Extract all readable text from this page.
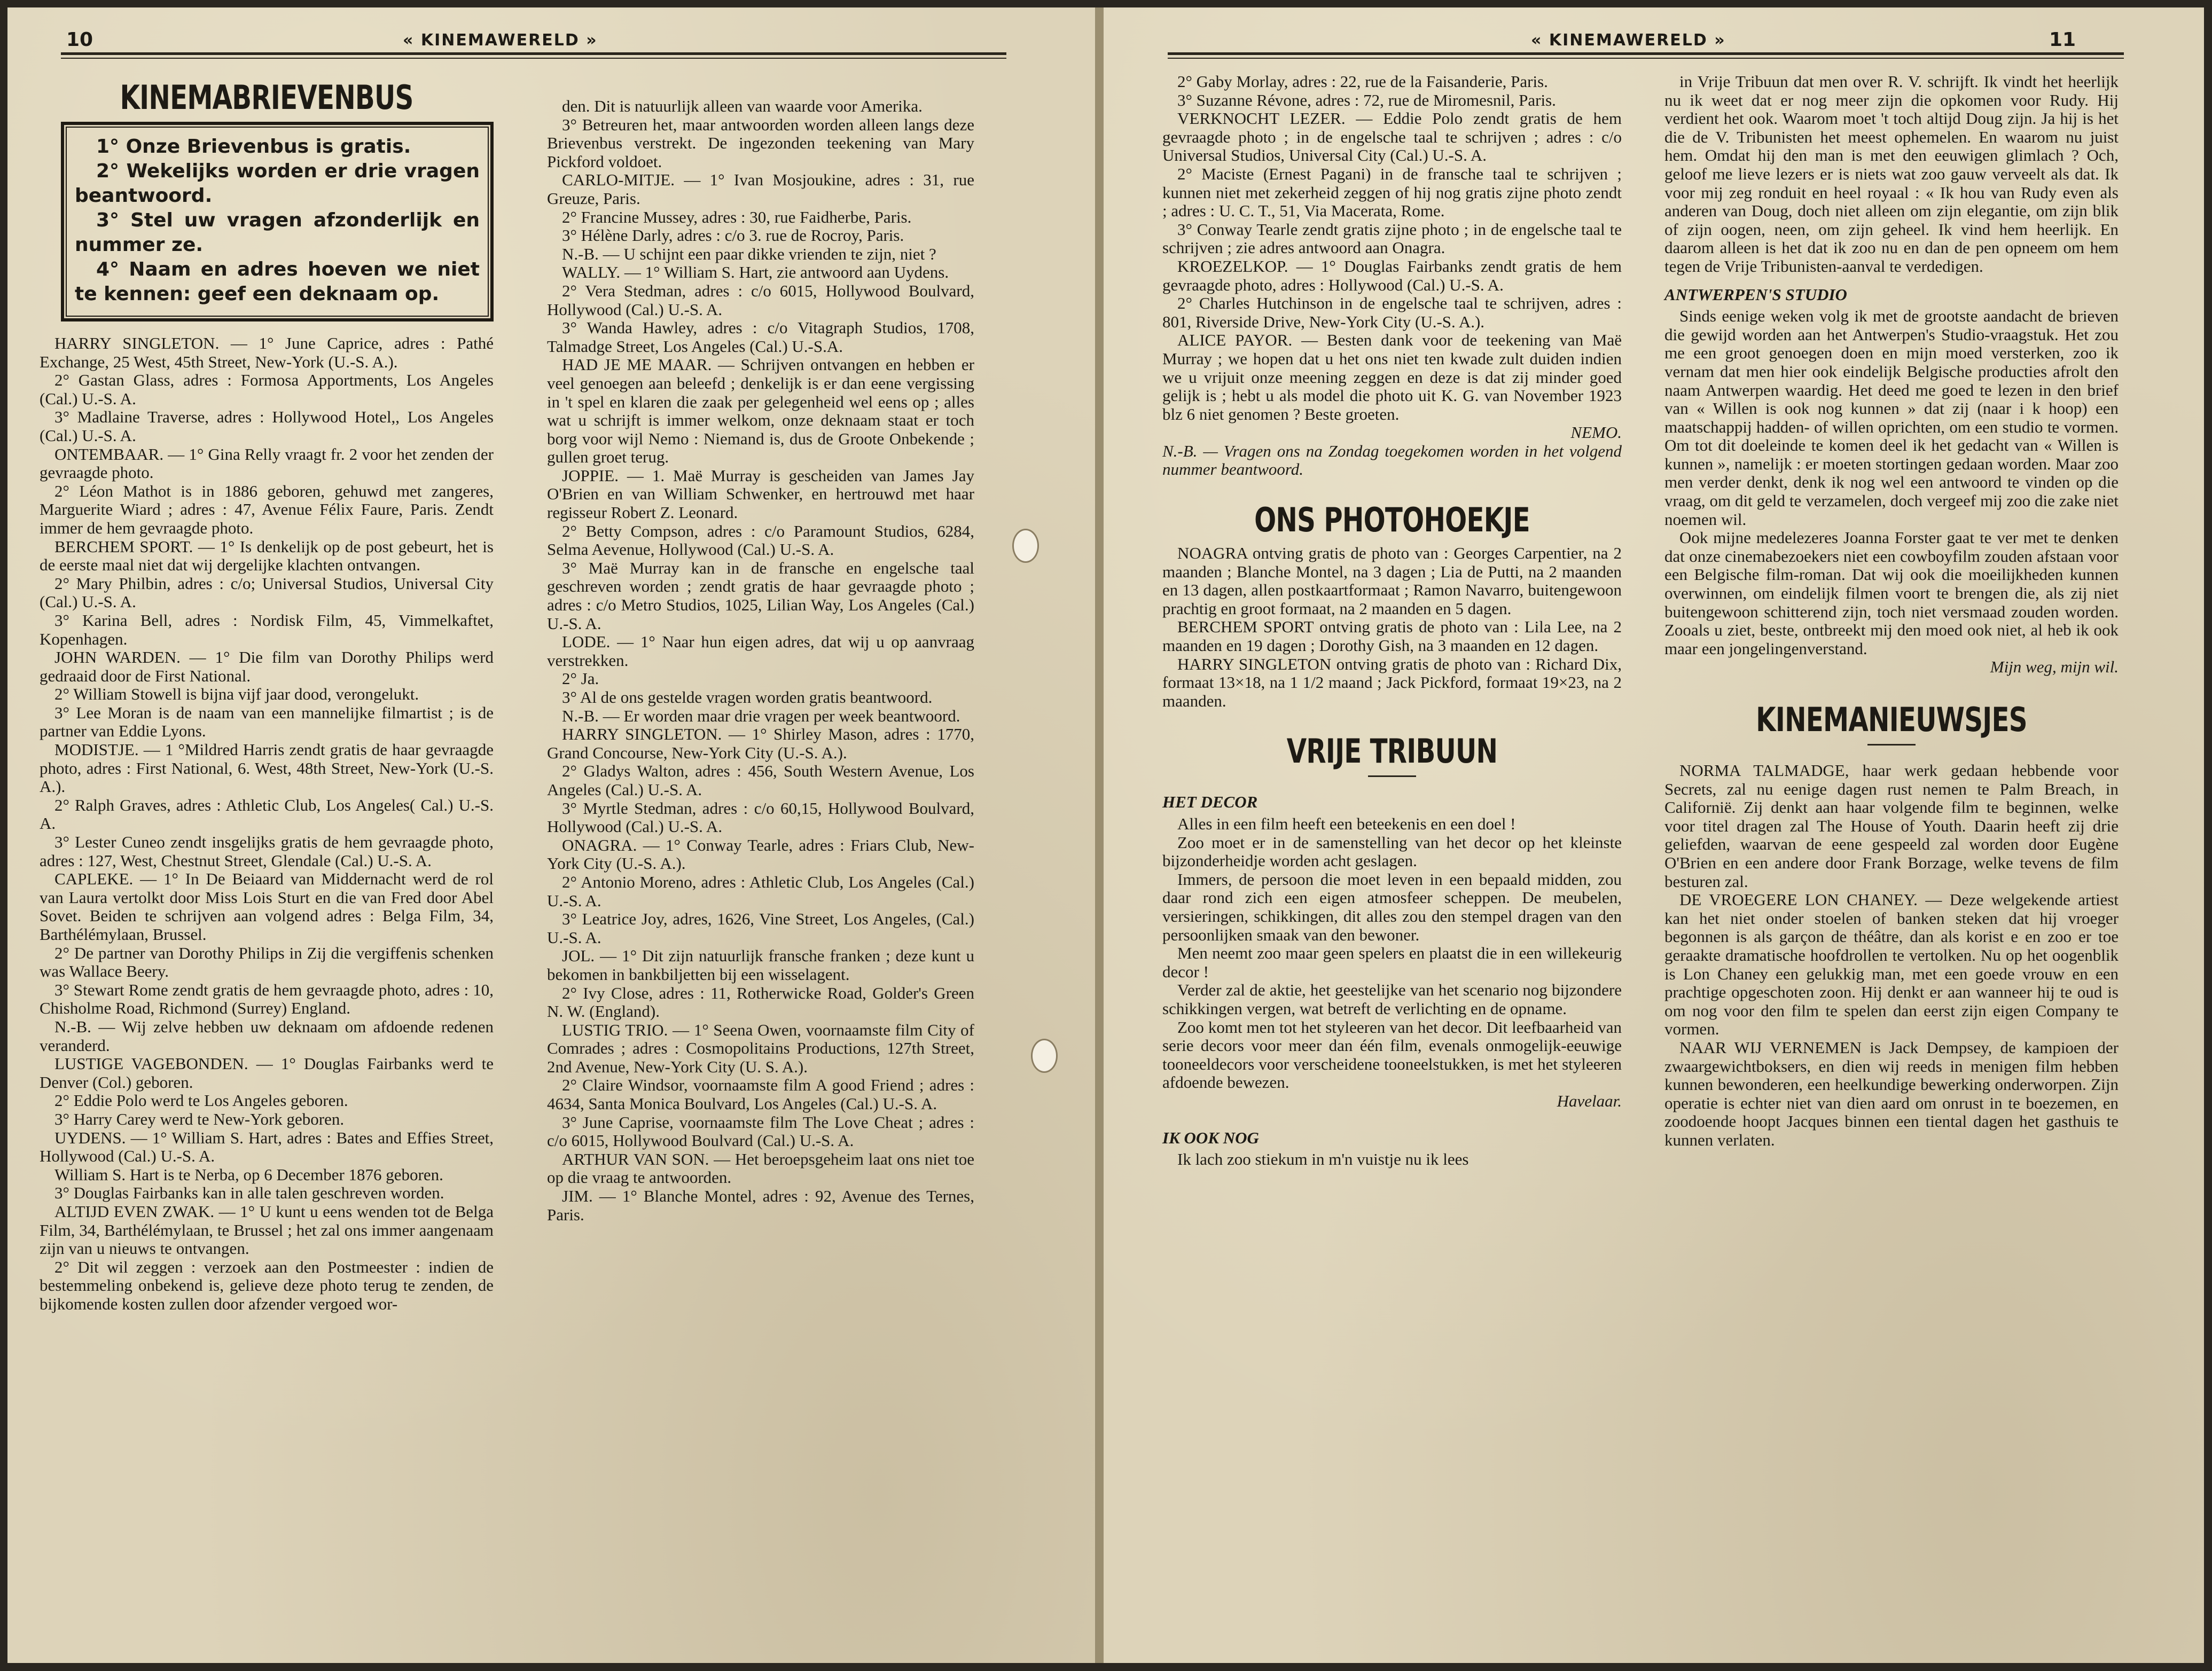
10	« KINEMAWERELD »
KINEMABRIEVENBUS

1° Onze Brievenbus is gratis.

2° Wekelijks worden er drie vragen beantwoord.

3° Stel uw vragen afzonderlijk en nummer ze.

4° Naam en adres hoeven we niet te kennen: geef een deknaam op.

HARRY SINGLETON. — 1° June Caprice, adres : Pathé Exchange, 25 West, 45th Street, New-York (U.-S. A.).

2° Gastan Glass, adres : Formosa Apportments, Los Angeles (Cal.) U.-S. A.

3° Madlaine Traverse, adres : Hollywood Hotel,, Los Angeles (Cal.) U.-S. A.

ONTEMBAAR. — 1° Gina Relly vraagt fr. 2 voor het zenden der gevraagde photo.

2° Léon Mathot is in 1886 geboren, gehuwd met zangeres, Marguerite Wiard ; adres : 47, Avenue Félix Faure, Paris. Zendt immer de hem gevraagde photo.

BERCHEM SPORT. — 1° Is denkelijk op de post gebeurt, het is de eerste maal niet dat wij dergelijke klachten ontvangen.

2° Mary Philbin, adres : c/o; Universal Studios, Universal City (Cal.) U.-S. A.

3° Karina Bell, adres : Nordisk Film, 45, Vimmelkaftet, Kopenhagen.

JOHN WARDEN. — 1° Die film van Dorothy Philips werd gedraaid door de First National.

2° William Stowell is bijna vijf jaar dood, verongelukt.

3° Lee Moran is de naam van een mannelijke filmartist ; is de partner van Eddie Lyons.

MODISTJE. — 1 °Mildred Harris zendt gratis de haar gevraagde photo, adres : First National, 6. West, 48th Street, New-York (U.-S. A.).

2° Ralph Graves, adres : Athletic Club, Los Angeles( Cal.) U.-S. A.

3° Lester Cuneo zendt insgelijks gratis de hem gevraagde photo, adres : 127, West, Chestnut Street, Glendale (Cal.) U.-S. A.

CAPLEKE. — 1° In De Beiaard van Middernacht werd de rol van Laura vertolkt door Miss Lois Sturt en die van Fred door Abel Sovet. Beiden te schrijven aan volgend adres : Belga Film, 34, Barthélémylaan, Brussel.

2° De partner van Dorothy Philips in Zij die vergiffenis schenken was Wallace Beery.

3° Stewart Rome zendt gratis de hem gevraagde photo, adres : 10, Chisholme Road, Richmond (Surrey) England.

N.-B. — Wij zelve hebben uw deknaam om afdoende redenen veranderd.

LUSTIGE VAGEBONDEN. — 1° Douglas Fairbanks werd te Denver (Col.) geboren.

2° Eddie Polo werd te Los Angeles geboren.

3° Harry Carey werd te New-York geboren.

UYDENS. — 1° William S. Hart, adres : Bates and Effies Street, Hollywood (Cal.) U.-S. A.

William S. Hart is te Nerba, op 6 December 1876 geboren.

3° Douglas Fairbanks kan in alle talen geschreven worden.

ALTIJD EVEN ZWAK. — 1° U kunt u eens wenden tot de Belga Film, 34, Barthélémylaan, te Brussel ; het zal ons immer aangenaam zijn van u nieuws te ontvangen.

2° Dit wil zeggen : verzoek aan den Postmeester : indien de bestemmeling onbekend is, gelieve deze photo terug te zenden, de bijkomende kosten zullen door afzender vergoed wor-

den. Dit is natuurlijk alleen van waarde voor Amerika.

3° Betreuren het, maar antwoorden worden alleen langs deze Brievenbus verstrekt. De ingezonden teekening van Mary Pickford voldoet.

CARLO-MITJE. — 1° Ivan Mosjoukine, adres : 31, rue Greuze, Paris.

2° Francine Mussey, adres : 30, rue Faidherbe, Paris.

3° Hélène Darly, adres : c/o 3. rue de Rocroy, Paris.

N.-B. — U schijnt een paar dikke vrienden te zijn, niet ?

WALLY. — 1° William S. Hart, zie antwoord aan Uydens.

2° Vera Stedman, adres : c/o 6015, Hollywood Boulvard, Hollywood (Cal.) U.-S. A.

3° Wanda Hawley, adres : c/o Vitagraph Studios, 1708, Talmadge Street, Los Angeles (Cal.) U.-S.A.

HAD JE ME MAAR. — Schrijven ontvangen en hebben er veel genoegen aan beleefd ; denkelijk is er dan eene vergissing in 't spel en klaren die zaak per gelegenheid wel eens op ; alles wat u schrijft is immer welkom, onze deknaam staat er toch borg voor wijl Nemo : Niemand is, dus de Groote Onbekende ; gullen groet terug.

JOPPIE. — 1. Maë Murray is gescheiden van James Jay O'Brien en van William Schwenker, en hertrouwd met haar regisseur Robert Z. Leonard.

2° Betty Compson, adres : c/o Paramount Studios, 6284, Selma Aevenue, Hollywood (Cal.) U.-S. A.

3° Maë Murray kan in de fransche en engelsche taal geschreven worden ; zendt gratis de haar gevraagde photo ; adres : c/o Metro Studios, 1025, Lilian Way, Los Angeles (Cal.) U.-S. A.

LODE. — 1° Naar hun eigen adres, dat wij u op aanvraag verstrekken.

2° Ja.

3° Al de ons gestelde vragen worden gratis beantwoord.

N.-B. — Er worden maar drie vragen per week beantwoord.

HARRY SINGLETON. — 1° Shirley Mason, adres : 1770, Grand Concourse, New-York City (U.-S. A.).

2° Gladys Walton, adres : 456, South Western Avenue, Los Angeles (Cal.) U.-S. A.

3° Myrtle Stedman, adres : c/o 60,15, Hollywood Boulvard, Hollywood (Cal.) U.-S. A.

ONAGRA. — 1° Conway Tearle, adres : Friars Club, New-York City (U.-S. A.).

2° Antonio Moreno, adres : Athletic Club, Los Angeles (Cal.) U.-S. A.

3° Leatrice Joy, adres, 1626, Vine Street, Los Angeles, (Cal.) U.-S. A.

JOL. — 1° Dit zijn natuurlijk fransche franken ; deze kunt u bekomen in bankbiljetten bij een wisselagent.

2° Ivy Close, adres : 11, Rotherwicke Road, Golder's Green N. W. (England).

LUSTIG TRIO. — 1° Seena Owen, voornaamste film City of Comrades ; adres : Cosmopolitains Productions, 127th Street, 2nd Avenue, New-York City (U. S. A.).

2° Claire Windsor, voornaamste film A good Friend ; adres : 4634, Santa Monica Boulvard, Los Angeles (Cal.) U.-S. A.

3° June Caprise, voornaamste film The Love Cheat ; adres : c/o 6015, Hollywood Boulvard (Cal.) U.-S. A.

ARTHUR VAN SON. — Het beroepsgeheim laat ons niet toe op die vraag te antwoorden.

JIM. — 1° Blanche Montel, adres : 92, Avenue des Ternes, Paris.

« KINEMAWERELD »	11

2° Gaby Morlay, adres : 22, rue de la Faisanderie, Paris.

3° Suzanne Révone, adres : 72, rue de Miromesnil, Paris.

VERKNOCHT LEZER. — Eddie Polo zendt gratis de hem gevraagde photo ; in de engelsche taal te schrijven ; adres : c/o Universal Studios, Universal City (Cal.) U.-S. A.

2° Maciste (Ernest Pagani) in de fransche taal te schrijven ; kunnen niet met zekerheid zeggen of hij nog gratis zijne photo zendt ; adres : U. C. T., 51, Via Macerata, Rome.

3° Conway Tearle zendt gratis zijne photo ; in de engelsche taal te schrijven ; zie adres antwoord aan Onagra.

KROEZELKOP. — 1° Douglas Fairbanks zendt gratis de hem gevraagde photo, adres : Hollywood (Cal.) U.-S. A.

2° Charles Hutchinson in de engelsche taal te schrijven, adres : 801, Riverside Drive, New-York City (U.-S. A.).

ALICE PAYOR. — Besten dank voor de teekening van Maë Murray ; we hopen dat u het ons niet ten kwade zult duiden indien we u vrijuit onze meening zeggen en deze is dat zij minder goed gelijk is ; hebt u als model die photo uit K. G. van November 1923 blz 6 niet genomen ? Beste groeten.

NEMO.

N.-B. — Vragen ons na Zondag toegekomen worden in het volgend nummer beantwoord.

ONS PHOTOHOEKJE

NOAGRA ontving gratis de photo van : Georges Carpentier, na 2 maanden ; Blanche Montel, na 3 dagen ; Lia de Putti, na 2 maanden en 13 dagen, allen postkaartformaat ; Ramon Navarro, buitengewoon prachtig en groot formaat, na 2 maanden en 5 dagen.

BERCHEM SPORT ontving gratis de photo van : Lila Lee, na 2 maanden en 19 dagen ; Dorothy Gish, na 3 maanden en 12 dagen.

HARRY SINGLETON ontving gratis de photo van : Richard Dix, formaat 13×18, na 1 1/2 maand ; Jack Pickford, formaat 19×23, na 2 maanden.

VRIJE TRIBUUN

HET DECOR

Alles in een film heeft een beteekenis en een doel !

Zoo moet er in de samenstelling van het decor op het kleinste bijzonderheidje worden acht geslagen.

Immers, de persoon die moet leven in een bepaald midden, zou daar rond zich een eigen atmosfeer scheppen. De meubelen, versieringen, schikkingen, dit alles zou den stempel dragen van den persoonlijken smaak van den bewoner.

Men neemt zoo maar geen spelers en plaatst die in een willekeurig decor !

Verder zal de aktie, het geestelijke van het scenario nog bijzondere schikkingen vergen, wat betreft de verlichting en de opname.

Zoo komt men tot het styleeren van het decor. Dit leefbaarheid van serie decors voor meer dan één film, evenals onmogelijk-eeuwige tooneeldecors voor verscheidene tooneelstukken, is met het styleeren afdoende bewezen.

Havelaar.

IK OOK NOG

Ik lach zoo stiekum in m'n vuistje nu ik lees

in Vrije Tribuun dat men over R. V. schrijft. Ik vindt het heerlijk nu ik weet dat er nog meer zijn die opkomen voor Rudy. Hij verdient het ook. Waarom moet 't toch altijd Doug zijn. Ja hij is het die de V. Tribunisten het meest ophemelen. En waarom nu juist hem. Omdat hij den man is met den eeuwigen glimlach ? Och, geloof me lieve lezers er is niets wat zoo gauw verveelt als dat. Ik voor mij zeg ronduit en heel royaal : « Ik hou van Rudy even als anderen van Doug, doch niet alleen om zijn elegantie, om zijn blik of zijn oogen, neen, om zijn geheel. Ik vind hem heerlijk. En daarom alleen is het dat ik zoo nu en dan de pen opneem om hem tegen de Vrije Tribunisten-aanval te verdedigen.

ANTWERPEN'S STUDIO

Sinds eenige weken volg ik met de grootste aandacht de brieven die gewijd worden aan het Antwerpen's Studio-vraagstuk. Het zou me een groot genoegen doen en mijn moed versterken, zoo ik vernam dat men hier ook eindelijk Belgische producties afrolt den naam Antwerpen waardig. Het deed me goed te lezen in den brief van « Willen is ook nog kunnen » dat zij (naar i k hoop) een maatschappij hadden- of willen oprichten, om een studio te vormen. Om tot dit doeleinde te komen deel ik het gedacht van « Willen is kunnen », namelijk : er moeten stortingen gedaan worden. Maar zoo men verder denkt, denk ik nog wel een antwoord te vinden op die vraag, om dit geld te verzamelen, doch vergeef mij zoo die zake niet noemen wil.

Ook mijne medelezeres Joanna Forster gaat te ver met te denken dat onze cinemabezoekers niet een cowboyfilm zouden afstaan voor een Belgische film-roman. Dat wij ook die moeilijkheden kunnen overwinnen, om eindelijk filmen voort te brengen die, als zij niet buitengewoon schitterend zijn, toch niet versmaad zouden worden. Zooals u ziet, beste, ontbreekt mij den moed ook niet, al heb ik ook maar een jongelingenverstand.

Mijn weg, mijn wil.

KINEMANIEUWSJES

NORMA TALMADGE, haar werk gedaan hebbende voor Secrets, zal nu eenige dagen rust nemen te Palm Breach, in Californië. Zij denkt aan haar volgende film te beginnen, welke voor titel dragen zal The House of Youth. Daarin heeft zij drie geliefden, waarvan de eene gespeeld zal worden door Eugène O'Brien en een andere door Frank Borzage, welke tevens de film besturen zal.

DE VROEGERE LON CHANEY. — Deze welgekende artiest kan het niet onder stoelen of banken steken dat hij vroeger begonnen is als garçon de théâtre, dan als korist e en zoo er toe geraakte dramatische hoofdrollen te vertolken. Nu op het oogenblik is Lon Chaney een gelukkig man, met een goede vrouw en een prachtige opgeschoten zoon. Hij denkt er aan wanneer hij te oud is om nog voor den film te spelen dan eerst zijn eigen Company te vormen.

NAAR WIJ VERNEMEN is Jack Dempsey, de kampioen der zwaargewichtboksers, en dien wij reeds in menigen film hebben kunnen bewonderen, een heelkundige bewerking onderworpen. Zijn operatie is echter niet van dien aard om onrust in te boezemen, en zoodoende hoopt Jacques binnen een tiental dagen het gasthuis te kunnen verlaten.
